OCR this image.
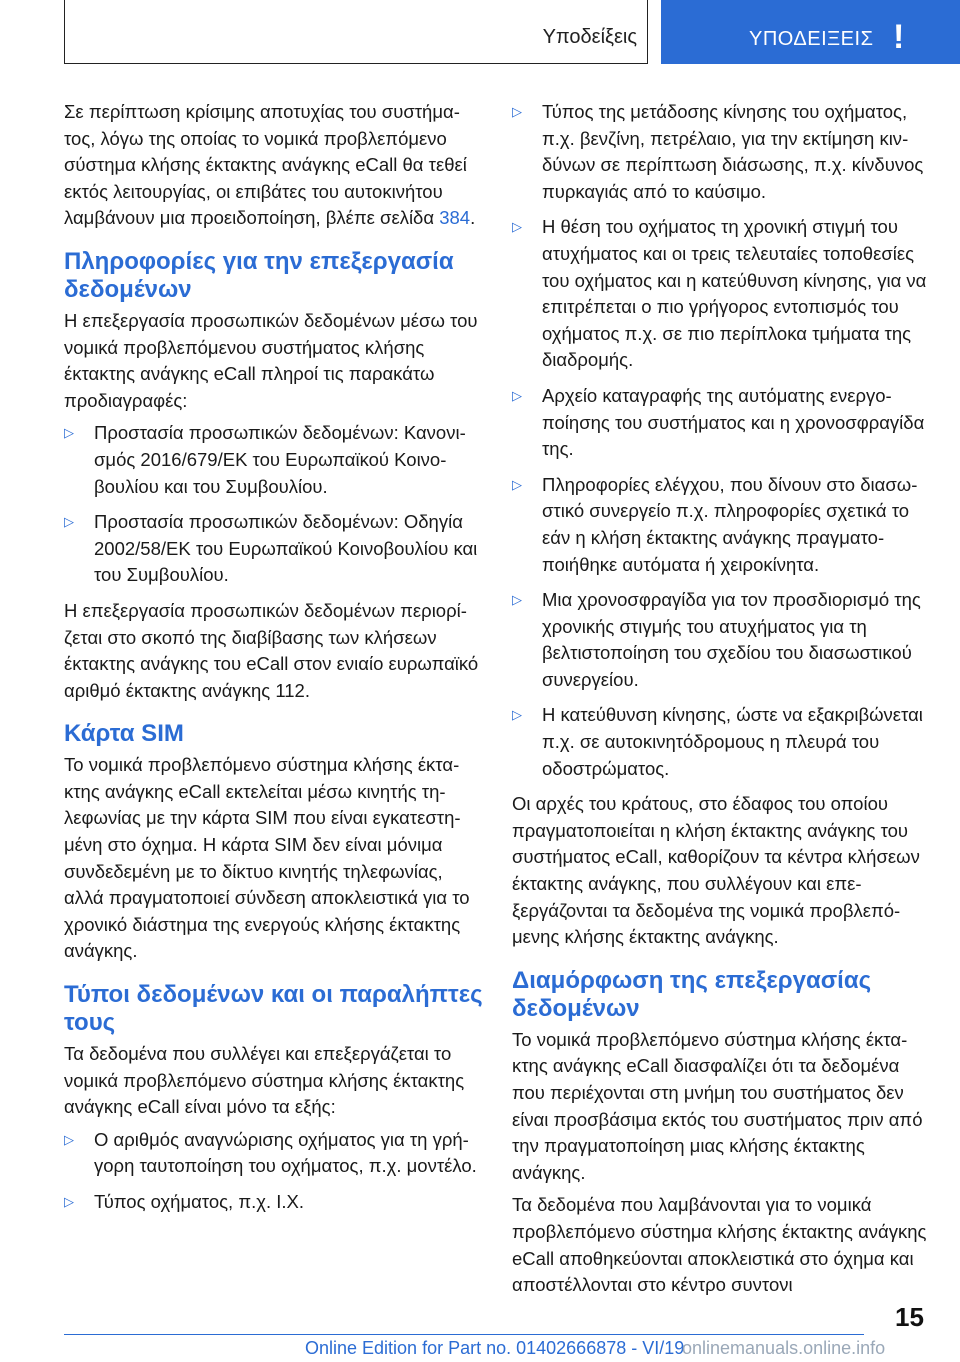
Υποδείξεις	ΥΠΟΔΕΙΞΕΙΣ !

Σε περίπτωση κρίσιμης αποτυχίας του συστήματος, λόγω της οποίας το νομικά προβλεπόμενο σύστημα κλήσης έκτακτης ανάγκης eCall θα τεθεί εκτός λειτουργίας, οι επιβάτες του αυτοκινήτου λαμβάνουν μια προειδοποίηση, βλέπε σελίδα 384.

Πληροφορίες για την επεξεργασία δεδομένων

Η επεξεργασία προσωπικών δεδομένων μέσω του νομικά προβλεπόμενου συστήματος κλήσης έκτακτης ανάγκης eCall πληροί τις παρακάτω προδιαγραφές:

▷ Προστασία προσωπικών δεδομένων: Κανονισμός 2016/679/ΕΚ του Ευρωπαϊκού Κοινοβουλίου και του Συμβουλίου.
▷ Προστασία προσωπικών δεδομένων: Οδηγία 2002/58/ΕΚ του Ευρωπαϊκού Κοινοβουλίου και του Συμβουλίου.

Η επεξεργασία προσωπικών δεδομένων περιορίζεται στο σκοπό της διαβίβασης των κλήσεων έκτακτης ανάγκης του eCall στον ενιαίο ευρωπαϊκό αριθμό έκτακτης ανάγκης 112.

Κάρτα SIM

Το νομικά προβλεπόμενο σύστημα κλήσης έκτακτης ανάγκης eCall εκτελείται μέσω κινητής τηλεφωνίας με την κάρτα SIM που είναι εγκατεστημένη στο όχημα. Η κάρτα SIM δεν είναι μόνιμα συνδεδεμένη με το δίκτυο κινητής τηλεφωνίας, αλλά πραγματοποιεί σύνδεση αποκλειστικά για το χρονικό διάστημα της ενεργούς κλήσης έκτακτης ανάγκης.

Τύποι δεδομένων και οι παραλήπτες τους

Τα δεδομένα που συλλέγει και επεξεργάζεται το νομικά προβλεπόμενο σύστημα κλήσης έκτακτης ανάγκης eCall είναι μόνο τα εξής:

▷ Ο αριθμός αναγνώρισης οχήματος για τη γρήγορη ταυτοποίηση του οχήματος, π.χ. μοντέλο.
▷ Τύπος οχήματος, π.χ. Ι.Χ.
▷ Τύπος της μετάδοσης κίνησης του οχήματος, π.χ. βενζίνη, πετρέλαιο, για την εκτίμηση κινδύνων σε περίπτωση διάσωσης, π.χ. κίνδυνος πυρκαγιάς από το καύσιμο.
▷ Η θέση του οχήματος τη χρονική στιγμή του ατυχήματος και οι τρεις τελευταίες τοποθεσίες του οχήματος και η κατεύθυνση κίνησης, για να επιτρέπεται ο πιο γρήγορος εντοπισμός του οχήματος π.χ. σε πιο περίπλοκα τμήματα της διαδρομής.
▷ Αρχείο καταγραφής της αυτόματης ενεργοποίησης του συστήματος και η χρονοσφραγίδα της.
▷ Πληροφορίες ελέγχου, που δίνουν στο διασωστικό συνεργείο π.χ. πληροφορίες σχετικά το εάν η κλήση έκτακτης ανάγκης πραγματοποιήθηκε αυτόματα ή χειροκίνητα.
▷ Μια χρονοσφραγίδα για τον προσδιορισμό της χρονικής στιγμής του ατυχήματος για τη βελτιστοποίηση του σχεδίου του διασωστικού συνεργείου.
▷ Η κατεύθυνση κίνησης, ώστε να εξακριβώνεται π.χ. σε αυτοκινητόδρομους η πλευρά του οδοστρώματος.

Οι αρχές του κράτους, στο έδαφος του οποίου πραγματοποιείται η κλήση έκτακτης ανάγκης του συστήματος eCall, καθορίζουν τα κέντρα κλήσεων έκτακτης ανάγκης, που συλλέγουν και επεξεργάζονται τα δεδομένα της νομικά προβλεπόμενης κλήσης έκτακτης ανάγκης.

Διαμόρφωση της επεξεργασίας δεδομένων

Το νομικά προβλεπόμενο σύστημα κλήσης έκτακτης ανάγκης eCall διασφαλίζει ότι τα δεδομένα που περιέχονται στη μνήμη του συστήματος δεν είναι προσβάσιμα εκτός του συστήματος πριν από την πραγματοποίηση μιας κλήσης έκτακτης ανάγκης.

Τα δεδομένα που λαμβάνονται για το νομικά προβλεπόμενο σύστημα κλήσης έκτακτης ανάγκης eCall αποθηκεύονται αποκλειστικά στο όχημα και αποστέλλονται στο κέντρο συντονι

15
Online Edition for Part no. 01402666878 - VI/19
onlinemanuals.online.info
